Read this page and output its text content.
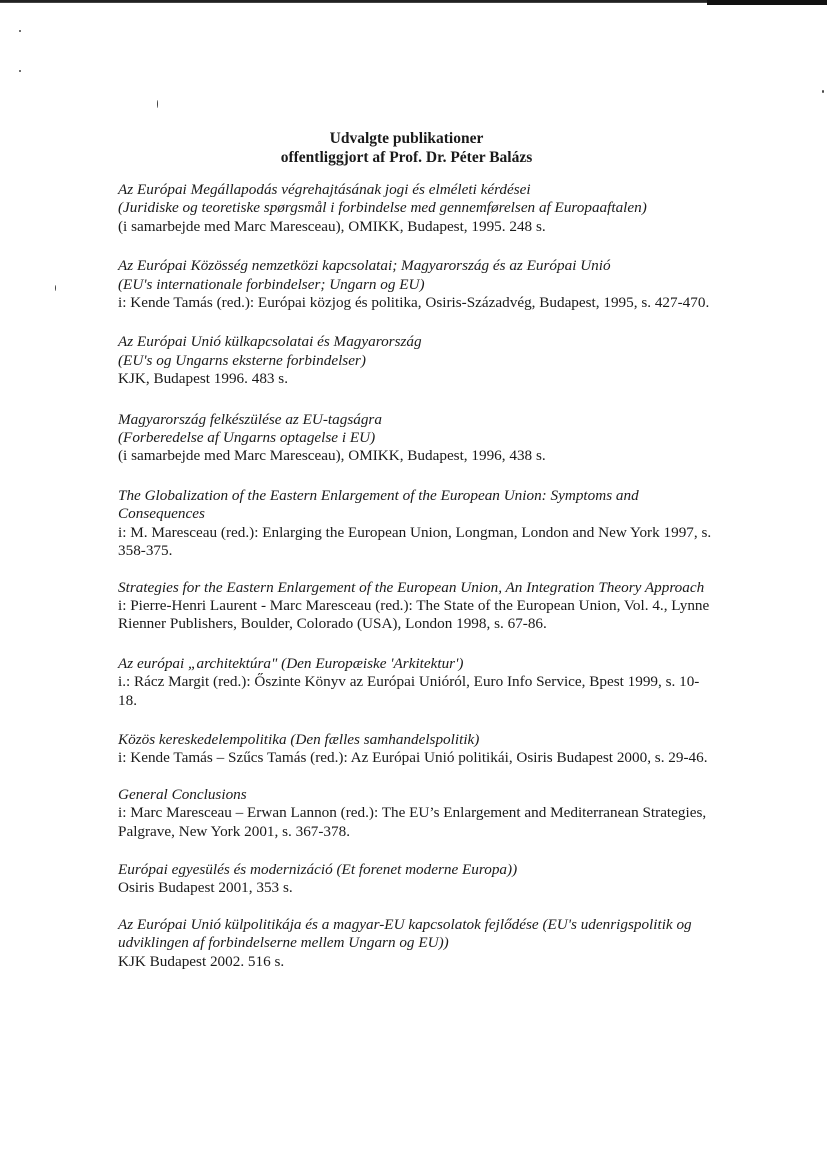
Udvalgte publikationer
offentliggjort af Prof. Dr. Péter Balázs
Az Európai Megállapodás végrehajtásának jogi és elméleti kérdései
(Juridiske og teoretiske spørgsmål i forbindelse med gennemførelsen af Europaaftalen)
(i samarbejde med Marc Maresceau), OMIKK, Budapest, 1995. 248 s.
Az Európai Közösség nemzetközi kapcsolatai; Magyarország és az Európai Unió
(EU's internationale forbindelser; Ungarn og EU)
i: Kende Tamás (red.): Európai közjog és politika, Osiris-Századvég, Budapest, 1995, s. 427-470.
Az Európai Unió külkapcsolatai és Magyarország
(EU's og Ungarns eksterne forbindelser)
KJK, Budapest 1996. 483 s.
Magyarország felkészülése az EU-tagságra
(Forberedelse af Ungarns optagelse i EU)
(i samarbejde med Marc Maresceau), OMIKK, Budapest, 1996, 438 s.
The Globalization of the Eastern Enlargement of the European Union: Symptoms and Consequences
i: M. Maresceau (red.): Enlarging the European Union, Longman, London and New York 1997, s. 358-375.
Strategies for the Eastern Enlargement of the European Union, An Integration Theory Approach
i: Pierre-Henri Laurent - Marc Maresceau (red.): The State of the European Union, Vol. 4., Lynne Rienner Publishers, Boulder, Colorado (USA), London 1998, s. 67-86.
Az európai „architektúra" (Den Europæiske 'Arkitektur')
i.: Rácz Margit (red.): Őszinte Könyv az Európai Unióról, Euro Info Service, Bpest 1999, s. 10-18.
Közös kereskedelempolitika (Den fælles samhandelspolitik)
i: Kende Tamás – Szűcs Tamás (red.): Az Európai Unió politikái, Osiris Budapest 2000, s. 29-46.
General Conclusions
i: Marc Maresceau – Erwan Lannon (red.): The EU’s Enlargement and Mediterranean Strategies, Palgrave, New York 2001, s. 367-378.
Európai egyesülés és modernizáció (Et forenet moderne Europa))
Osiris Budapest 2001, 353 s.
Az Európai Unió külpolitikája és a magyar-EU kapcsolatok fejlődése (EU's udenrigspolitik og udviklingen af forbindelserne mellem Ungarn og EU))
KJK Budapest 2002. 516 s.
